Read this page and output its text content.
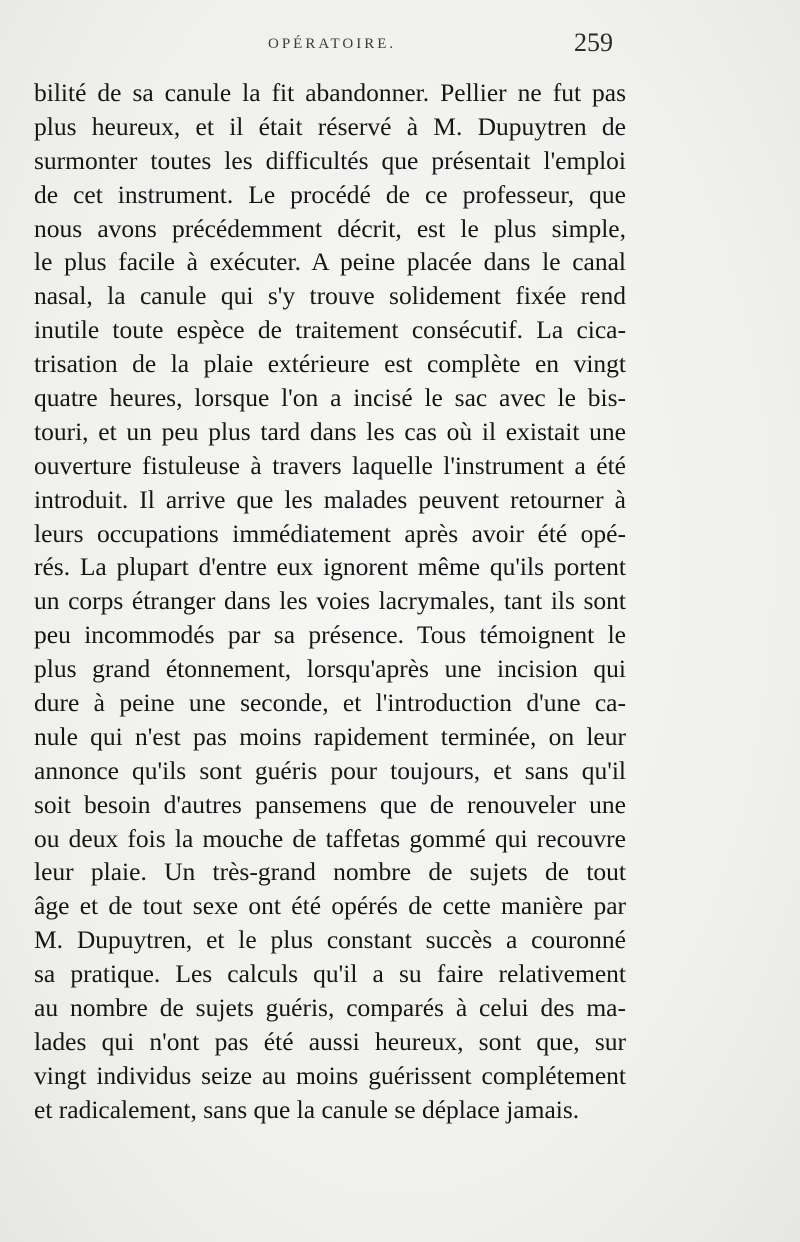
OPÉRATOIRE.	259
bilité de sa canule la fit abandonner. Pellier ne fut pas
plus heureux, et il était réservé à M. Dupuytren de
surmonter toutes les difficultés que présentait l'emploi
de cet instrument. Le procédé de ce professeur, que
nous avons précédemment décrit, est le plus simple,
le plus facile à exécuter. A peine placée dans le canal
nasal, la canule qui s'y trouve solidement fixée rend
inutile toute espèce de traitement consécutif. La cica-
trisation de la plaie extérieure est complète en vingt
quatre heures, lorsque l'on a incisé le sac avec le bis-
touri, et un peu plus tard dans les cas où il existait une
ouverture fistuleuse à travers laquelle l'instrument a été
introduit. Il arrive que les malades peuvent retourner à
leurs occupations immédiatement après avoir été opé-
rés. La plupart d'entre eux ignorent même qu'ils portent
un corps étranger dans les voies lacrymales, tant ils sont
peu incommodés par sa présence. Tous témoignent le
plus grand étonnement, lorsqu'après une incision qui
dure à peine une seconde, et l'introduction d'une ca-
nule qui n'est pas moins rapidement terminée, on leur
annonce qu'ils sont guéris pour toujours, et sans qu'il
soit besoin d'autres pansemens que de renouveler une
ou deux fois la mouche de taffetas gommé qui recouvre
leur plaie. Un très-grand nombre de sujets de tout
âge et de tout sexe ont été opérés de cette manière par
M. Dupuytren, et le plus constant succès a couronné
sa pratique. Les calculs qu'il a su faire relativement
au nombre de sujets guéris, comparés à celui des ma-
lades qui n'ont pas été aussi heureux, sont que, sur
vingt individus seize au moins guérissent complétement
et radicalement, sans que la canule se déplace jamais.
